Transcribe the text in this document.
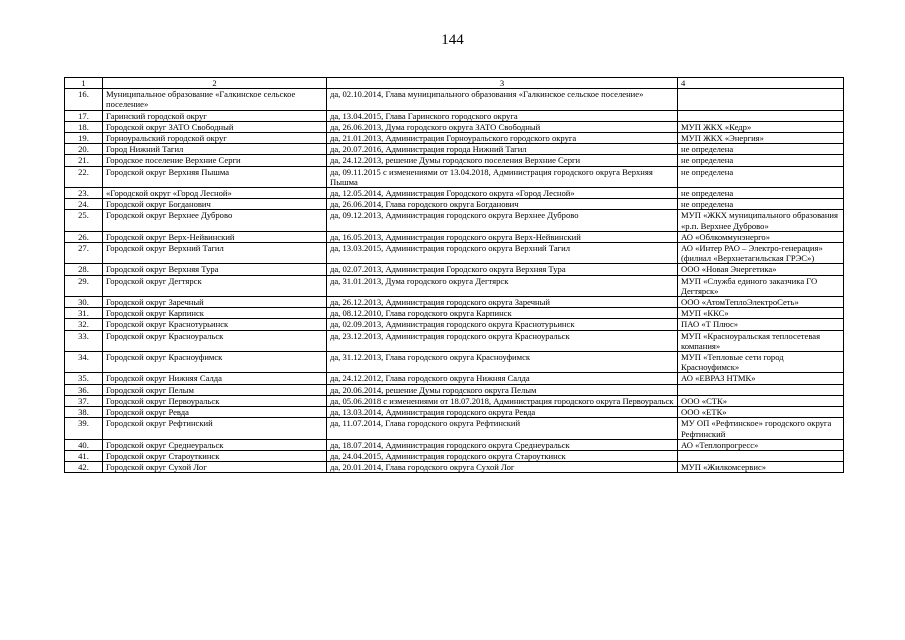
144
1	2	3	4
16.	Муниципальное образование «Галкинское сельское поселение»	да, 02.10.2014, Глава муниципального образования «Галкинское сельское поселение»	
17.	Гаринский городской округ	да, 13.04.2015, Глава Гаринского городского округа	
18.	Городской округ ЗАТО Свободный	да, 26.06.2013, Дума городского округа ЗАТО Свободный	МУП ЖКХ «Кедр»
19.	Горноуральский городской округ	да, 21.01.2013, Администрация Горноуральского городского округа	МУП ЖКХ «Энергия»
20.	Город Нижний Тагил	да, 20.07.2016, Администрация города Нижний Тагил	не определена
21.	Городское поселение Верхние Серги	да, 24.12.2013, решение Думы городского поселения Верхние Серги	не определена
22.	Городской округ Верхняя Пышма	да, 09.11.2015 с изменениями от 13.04.2018, Администрация городского округа Верхняя Пышма	не определена
23.	«Городской округ «Город Лесной»	да, 12.05.2014, Администрация Городского округа «Город Лесной»	не определена
24.	Городской округ Богданович	да, 26.06.2014, Глава городского округа Богданович	не определена
25.	Городской округ Верхнее Дуброво	да, 09.12.2013, Администрация городского округа Верхнее Дуброво	МУП «ЖКХ муниципального образования «р.п. Верхнее Дуброво»
26.	Городской округ Верх-Нейвинский	да, 16.05.2013, Администрация городского округа Верх-Нейвинский	АО «Облкоммунэнерго»
27.	Городской округ Верхний Тагил	да, 13.03.2015, Администрация городского округа Верхний Тагил	АО «Интер РАО – Электро-генерация» (филиал «Верхнетагильская ГРЭС»)
28.	Городской округ Верхняя Тура	да, 02.07.2013, Администрация Городского округа Верхняя Тура	ООО «Новая Энергетика»
29.	Городской округ Дегтярск	да, 31.01.2013, Дума городского округа Дегтярск	МУП «Служба единого заказчика ГО Дегтярск»
30.	Городской округ Заречный	да, 26.12.2013, Администрация городского округа Заречный	ООО «АтомТеплоЭлектроСеть»
31.	Городской округ Карпинск	да, 08.12.2010, Глава городского округа Карпинск	МУП «ККС»
32.	Городской округ Краснотурьинск	да, 02.09.2013, Администрация городского округа Краснотурьинск	ПАО «Т Плюс»
33.	Городской округ Красноуральск	да, 23.12.2013, Администрация городского округа Красноуральск	МУП «Красноуральская теплосетевая компания»
34.	Городской округ Красноуфимск	да, 31.12.2013, Глава городского округа Красноуфимск	МУП «Тепловые сети город Красноуфимск»
35.	Городской округ Нижняя Салда	да, 24.12.2012, Глава городского округа Нижняя Салда	АО «ЕВРАЗ НТМК»
36.	Городской округ Пелым	да, 20.06.2014, решение Думы городского округа Пелым	
37.	Городской округ Первоуральск	да, 05.06.2018 с изменениями от 18.07.2018, Администрация городского округа Первоуральск	ООО «СТК»
38.	Городской округ Ревда	да, 13.03.2014, Администрация городского округа Ревда	ООО «ЕТК»
39.	Городской округ Рефтинский	да, 11.07.2014, Глава городского округа Рефтинский	МУ ОП «Рефтинское» городского округа Рефтинский
40.	Городской округ Среднеуральск	да, 18.07.2014, Администрация городского округа Среднеуральск	АО «Теплопрогресс»
41.	Городской округ Староуткинск	да, 24.04.2015, Администрация городского округа Староуткинск	
42.	Городской округ Сухой Лог	да, 20.01.2014, Глава городского округа Сухой Лог	МУП «Жилкомсервис»
